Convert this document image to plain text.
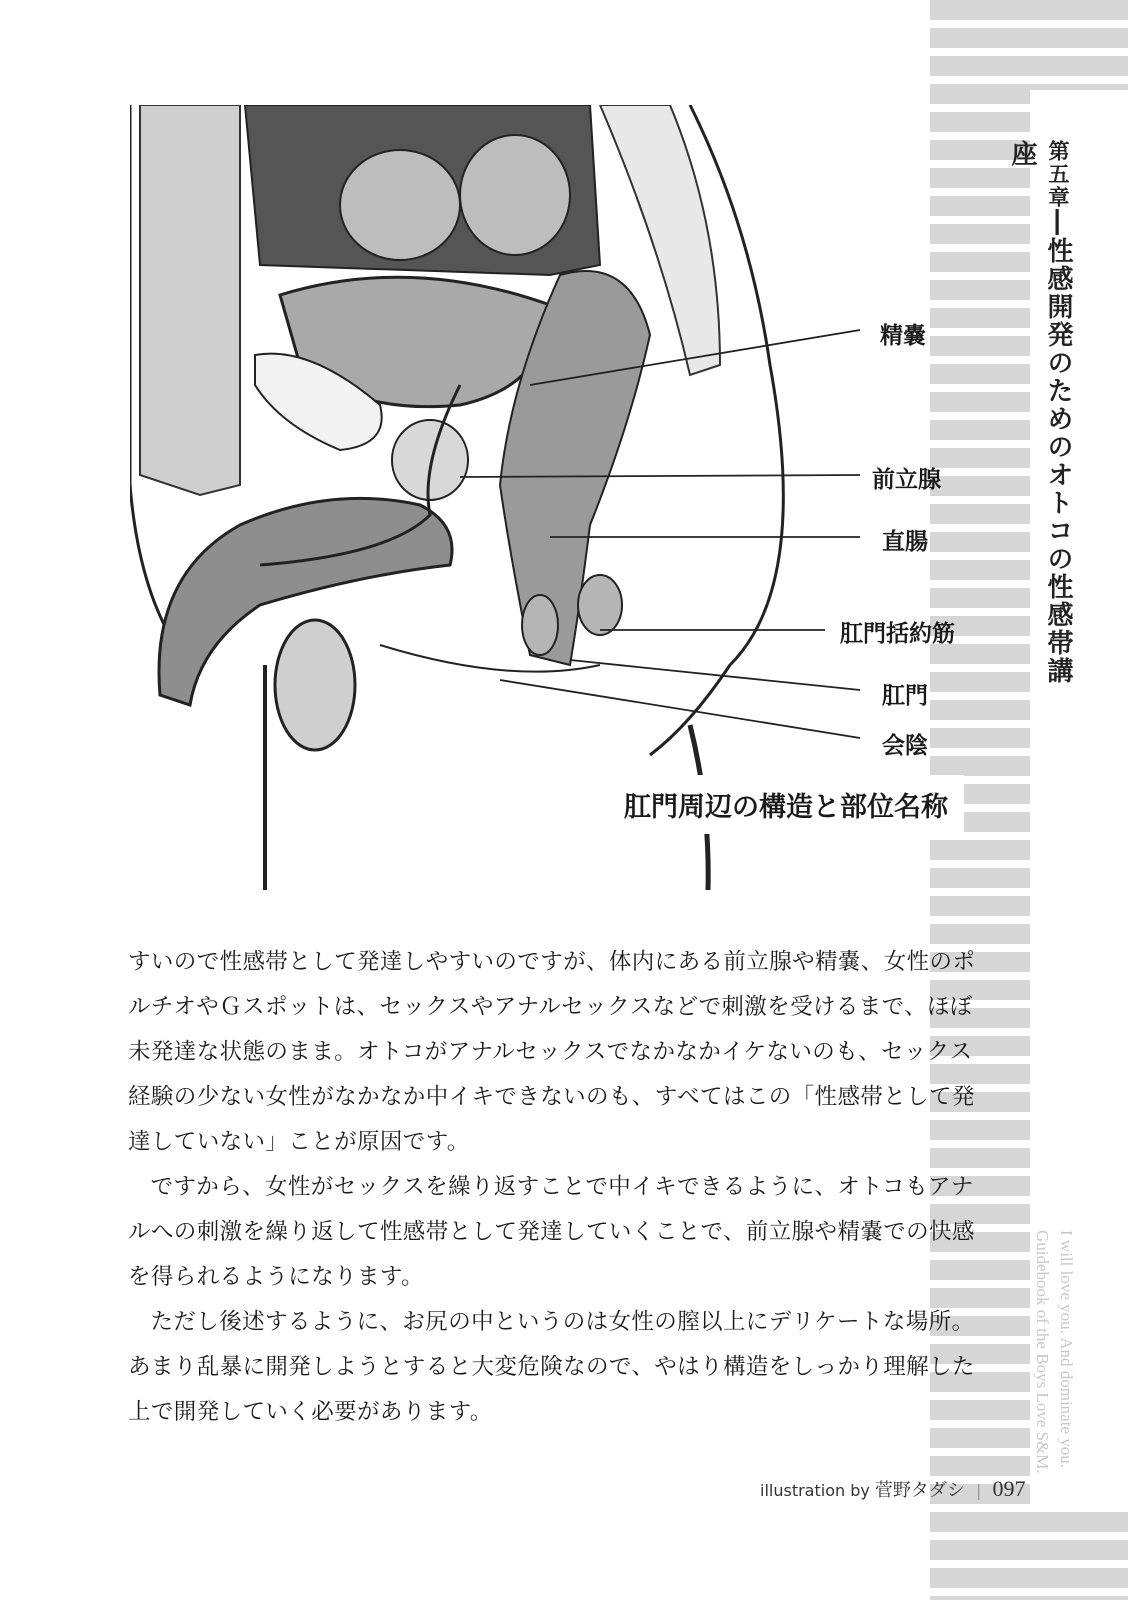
第五章―性感開発のためのオトコの性感帯講座
I will love you. And dominate you.
Guidebook of the Boys Love S&M.
精嚢
前立腺
直腸
肛門括約筋
肛門
会陰
肛門周辺の構造と部位名称

すいので性感帯として発達しやすいのですが、体内にある前立腺や精嚢、女性のポルチオやＧスポットは、セックスやアナルセックスなどで刺激を受けるまで、ほぼ未発達な状態のまま。オトコがアナルセックスでなかなかイケないのも、セックス経験の少ない女性がなかなか中イキできないのも、すべてはこの「性感帯として発達していない」ことが原因です。

ですから、女性がセックスを繰り返すことで中イキできるように、オトコもアナルへの刺激を繰り返して性感帯として発達していくことで、前立腺や精嚢での快感を得られるようになります。

ただし後述するように、お尻の中というのは女性の膣以上にデリケートな場所。あまり乱暴に開発しようとすると大変危険なので、やはり構造をしっかり理解した上で開発していく必要があります。

illustration by 菅野タダシ | 097
